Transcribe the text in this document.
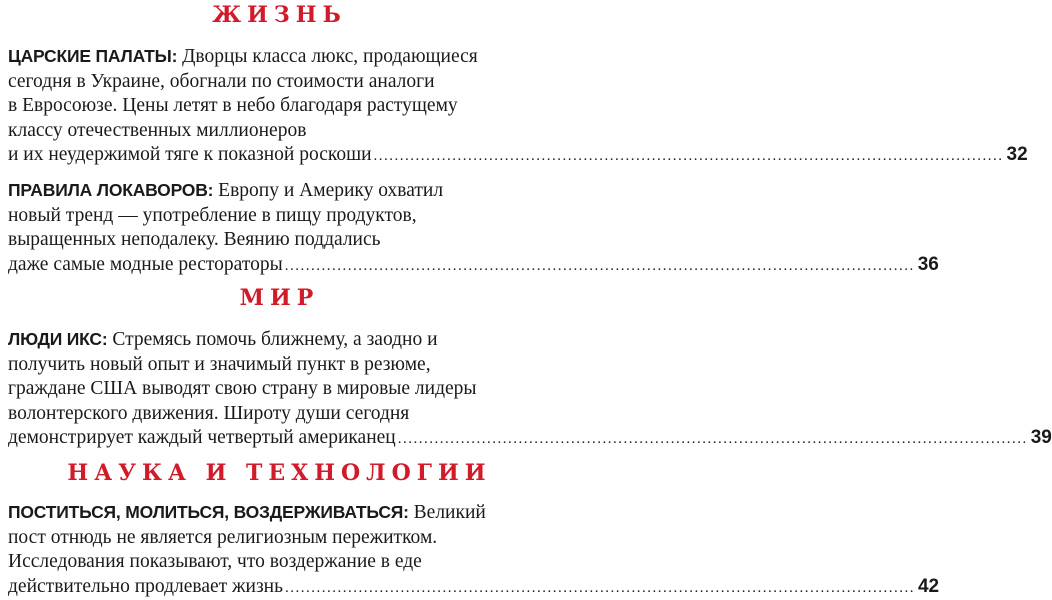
ЖИЗНЬ
ЦАРСКИЕ ПАЛАТЫ: Дворцы класса люкс, продающиеся
сегодня в Украине, обогнали по стоимости аналоги
в Евросоюзе. Цены летят в небо благодаря растущему
классу отечественных миллионеров
и их неудержимой тяге к показной роскоши ........................................................................................................................ 32
ПРАВИЛА ЛОКАВОРОВ: Европу и Америку охватил
новый тренд — употребление в пищу продуктов,
выращенных неподалеку. Веянию поддались
даже самые модные рестораторы ........................................................................................................................ 36
МИР
ЛЮДИ ИКС: Стремясь помочь ближнему, а заодно и
получить новый опыт и значимый пункт в резюме,
граждане США выводят свою страну в мировые лидеры
волонтерского движения. Широту души сегодня
демонстрирует каждый четвертый американец ........................................................................................................................ 39
НАУКА И ТЕХНОЛОГИИ
ПОСТИТЬСЯ, МОЛИТЬСЯ, ВОЗДЕРЖИВАТЬСЯ: Великий
пост отнюдь не является религиозным пережитком.
Исследования показывают, что воздержание в еде
действительно продлевает жизнь ........................................................................................................................ 42
